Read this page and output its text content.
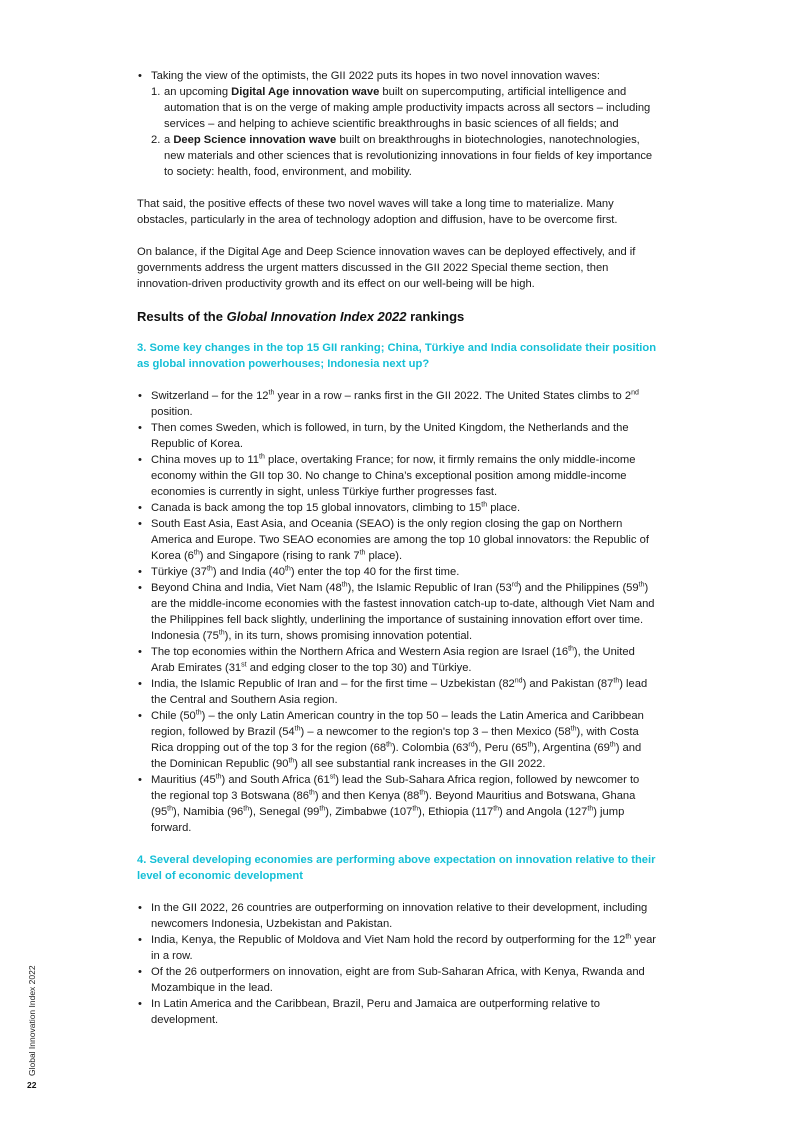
• Taking the view of the optimists, the GII 2022 puts its hopes in two novel innovation waves:
1. an upcoming Digital Age innovation wave built on supercomputing, artificial intelligence and automation that is on the verge of making ample productivity impacts across all sectors – including services – and helping to achieve scientific breakthroughs in basic sciences of all fields; and
2. a Deep Science innovation wave built on breakthroughs in biotechnologies, nanotechnologies, new materials and other sciences that is revolutionizing innovations in four fields of key importance to society: health, food, environment, and mobility.

That said, the positive effects of these two novel waves will take a long time to materialize. Many obstacles, particularly in the area of technology adoption and diffusion, have to be overcome first.

On balance, if the Digital Age and Deep Science innovation waves can be deployed effectively, and if governments address the urgent matters discussed in the GII 2022 Special theme section, then innovation-driven productivity growth and its effect on our well-being will be high.

Results of the Global Innovation Index 2022 rankings
3. Some key changes in the top 15 GII ranking; China, Türkiye and India consolidate their position as global innovation powerhouses; Indonesia next up?
• Switzerland – for the 12th year in a row – ranks first in the GII 2022. The United States climbs to 2nd position.
• Then comes Sweden, which is followed, in turn, by the United Kingdom, the Netherlands and the Republic of Korea.
• China moves up to 11th place, overtaking France; for now, it firmly remains the only middle-income economy within the GII top 30. No change to China’s exceptional position among middle-income economies is currently in sight, unless Türkiye further progresses fast.
• Canada is back among the top 15 global innovators, climbing to 15th place.
• South East Asia, East Asia, and Oceania (SEAO) is the only region closing the gap on Northern America and Europe. Two SEAO economies are among the top 10 global innovators: the Republic of Korea (6th) and Singapore (rising to rank 7th place).
• Türkiye (37th) and India (40th) enter the top 40 for the first time.
• Beyond China and India, Viet Nam (48th), the Islamic Republic of Iran (53rd) and the Philippines (59th) are the middle-income economies with the fastest innovation catch-up to-date, although Viet Nam and the Philippines fell back slightly, underlining the importance of sustaining innovation effort over time. Indonesia (75th), in its turn, shows promising innovation potential.
• The top economies within the Northern Africa and Western Asia region are Israel (16th), the United Arab Emirates (31st and edging closer to the top 30) and Türkiye.
• India, the Islamic Republic of Iran and – for the first time – Uzbekistan (82nd) and Pakistan (87th) lead the Central and Southern Asia region.
• Chile (50th) – the only Latin American country in the top 50 – leads the Latin America and Caribbean region, followed by Brazil (54th) – a newcomer to the region's top 3 – then Mexico (58th), with Costa Rica dropping out of the top 3 for the region (68th). Colombia (63rd), Peru (65th), Argentina (69th) and the Dominican Republic (90th) all see substantial rank increases in the GII 2022.
• Mauritius (45th) and South Africa (61st) lead the Sub-Sahara Africa region, followed by newcomer to the regional top 3 Botswana (86th) and then Kenya (88th). Beyond Mauritius and Botswana, Ghana (95th), Namibia (96th), Senegal (99th), Zimbabwe (107th), Ethiopia (117th) and Angola (127th) jump forward.
4. Several developing economies are performing above expectation on innovation relative to their level of economic development
• In the GII 2022, 26 countries are outperforming on innovation relative to their development, including newcomers Indonesia, Uzbekistan and Pakistan.
• India, Kenya, the Republic of Moldova and Viet Nam hold the record by outperforming for the 12th year in a row.
• Of the 26 outperformers on innovation, eight are from Sub-Saharan Africa, with Kenya, Rwanda and Mozambique in the lead.
• In Latin America and the Caribbean, Brazil, Peru and Jamaica are outperforming relative to development.
Global Innovation Index 2022
22
